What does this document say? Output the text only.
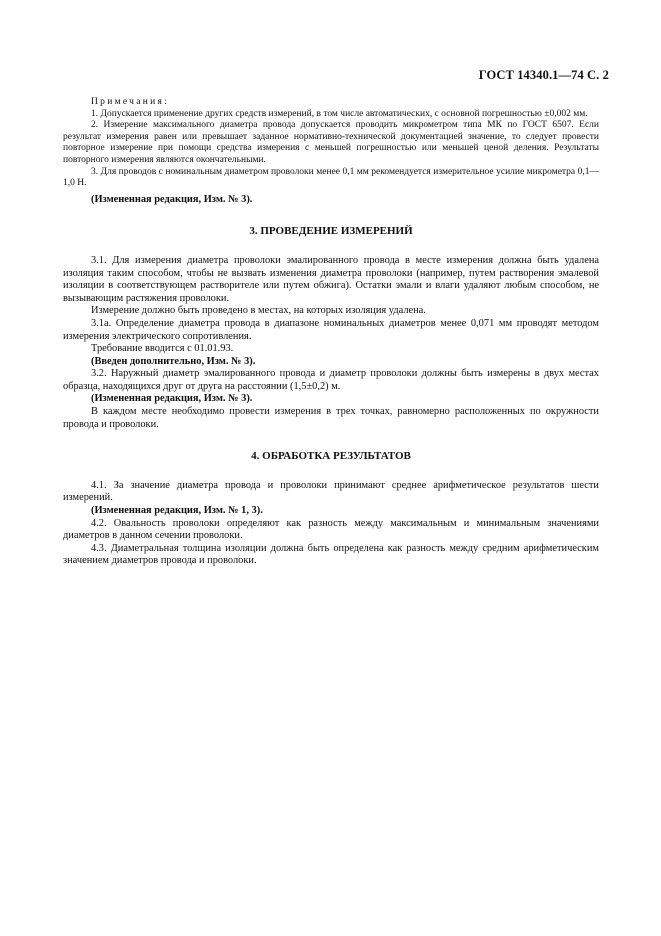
ГОСТ 14340.1—74 С. 2

Примечания:

1. Допускается применение других средств измерений, в том числе автоматических, с основной погрешностью ±0,002 мм.

2. Измерение максимального диаметра провода допускается проводить микрометром типа МК по ГОСТ 6507. Если результат измерения равен или превышает заданное нормативно-технической документацией значение, то следует провести повторное измерение при помощи средства измерения с меньшей погрешностью или меньшей ценой деления. Результаты повторного измерения являются окончательными.

3. Для проводов с номинальным диаметром проволоки менее 0,1 мм рекомендуется измерительное усилие микрометра 0,1—1,0 Н.

(Измененная редакция, Изм. № 3).

3. ПРОВЕДЕНИЕ ИЗМЕРЕНИЙ

3.1. Для измерения диаметра проволоки эмалированного провода в месте измерения должна быть удалена изоляция таким способом, чтобы не вызвать изменения диаметра проволоки (например, путем растворения эмалевой изоляции в соответствующем растворителе или путем обжига). Остатки эмали и влаги удаляют любым способом, не вызывающим растяжения проволоки.

Измерение должно быть проведено в местах, на которых изоляция удалена.

3.1а. Определение диаметра провода в диапазоне номинальных диаметров менее 0,071 мм проводят методом измерения электрического сопротивления.

Требование вводится с 01.01.93.

(Введен дополнительно, Изм. № 3).

3.2. Наружный диаметр эмалированного провода и диаметр проволоки должны быть измерены в двух местах образца, находящихся друг от друга на расстоянии (1,5±0,2) м.

(Измененная редакция, Изм. № 3).

В каждом месте необходимо провести измерения в трех точках, равномерно расположенных по окружности провода и проволоки.

4. ОБРАБОТКА РЕЗУЛЬТАТОВ

4.1. За значение диаметра провода и проволоки принимают среднее арифметическое результатов шести измерений.

(Измененная редакция, Изм. № 1, 3).

4.2. Овальность проволоки определяют как разность между максимальным и минимальным значениями диаметров в данном сечении проволоки.

4.3. Диаметральная толщина изоляции должна быть определена как разность между средним арифметическим значением диаметров провода и проволоки.
